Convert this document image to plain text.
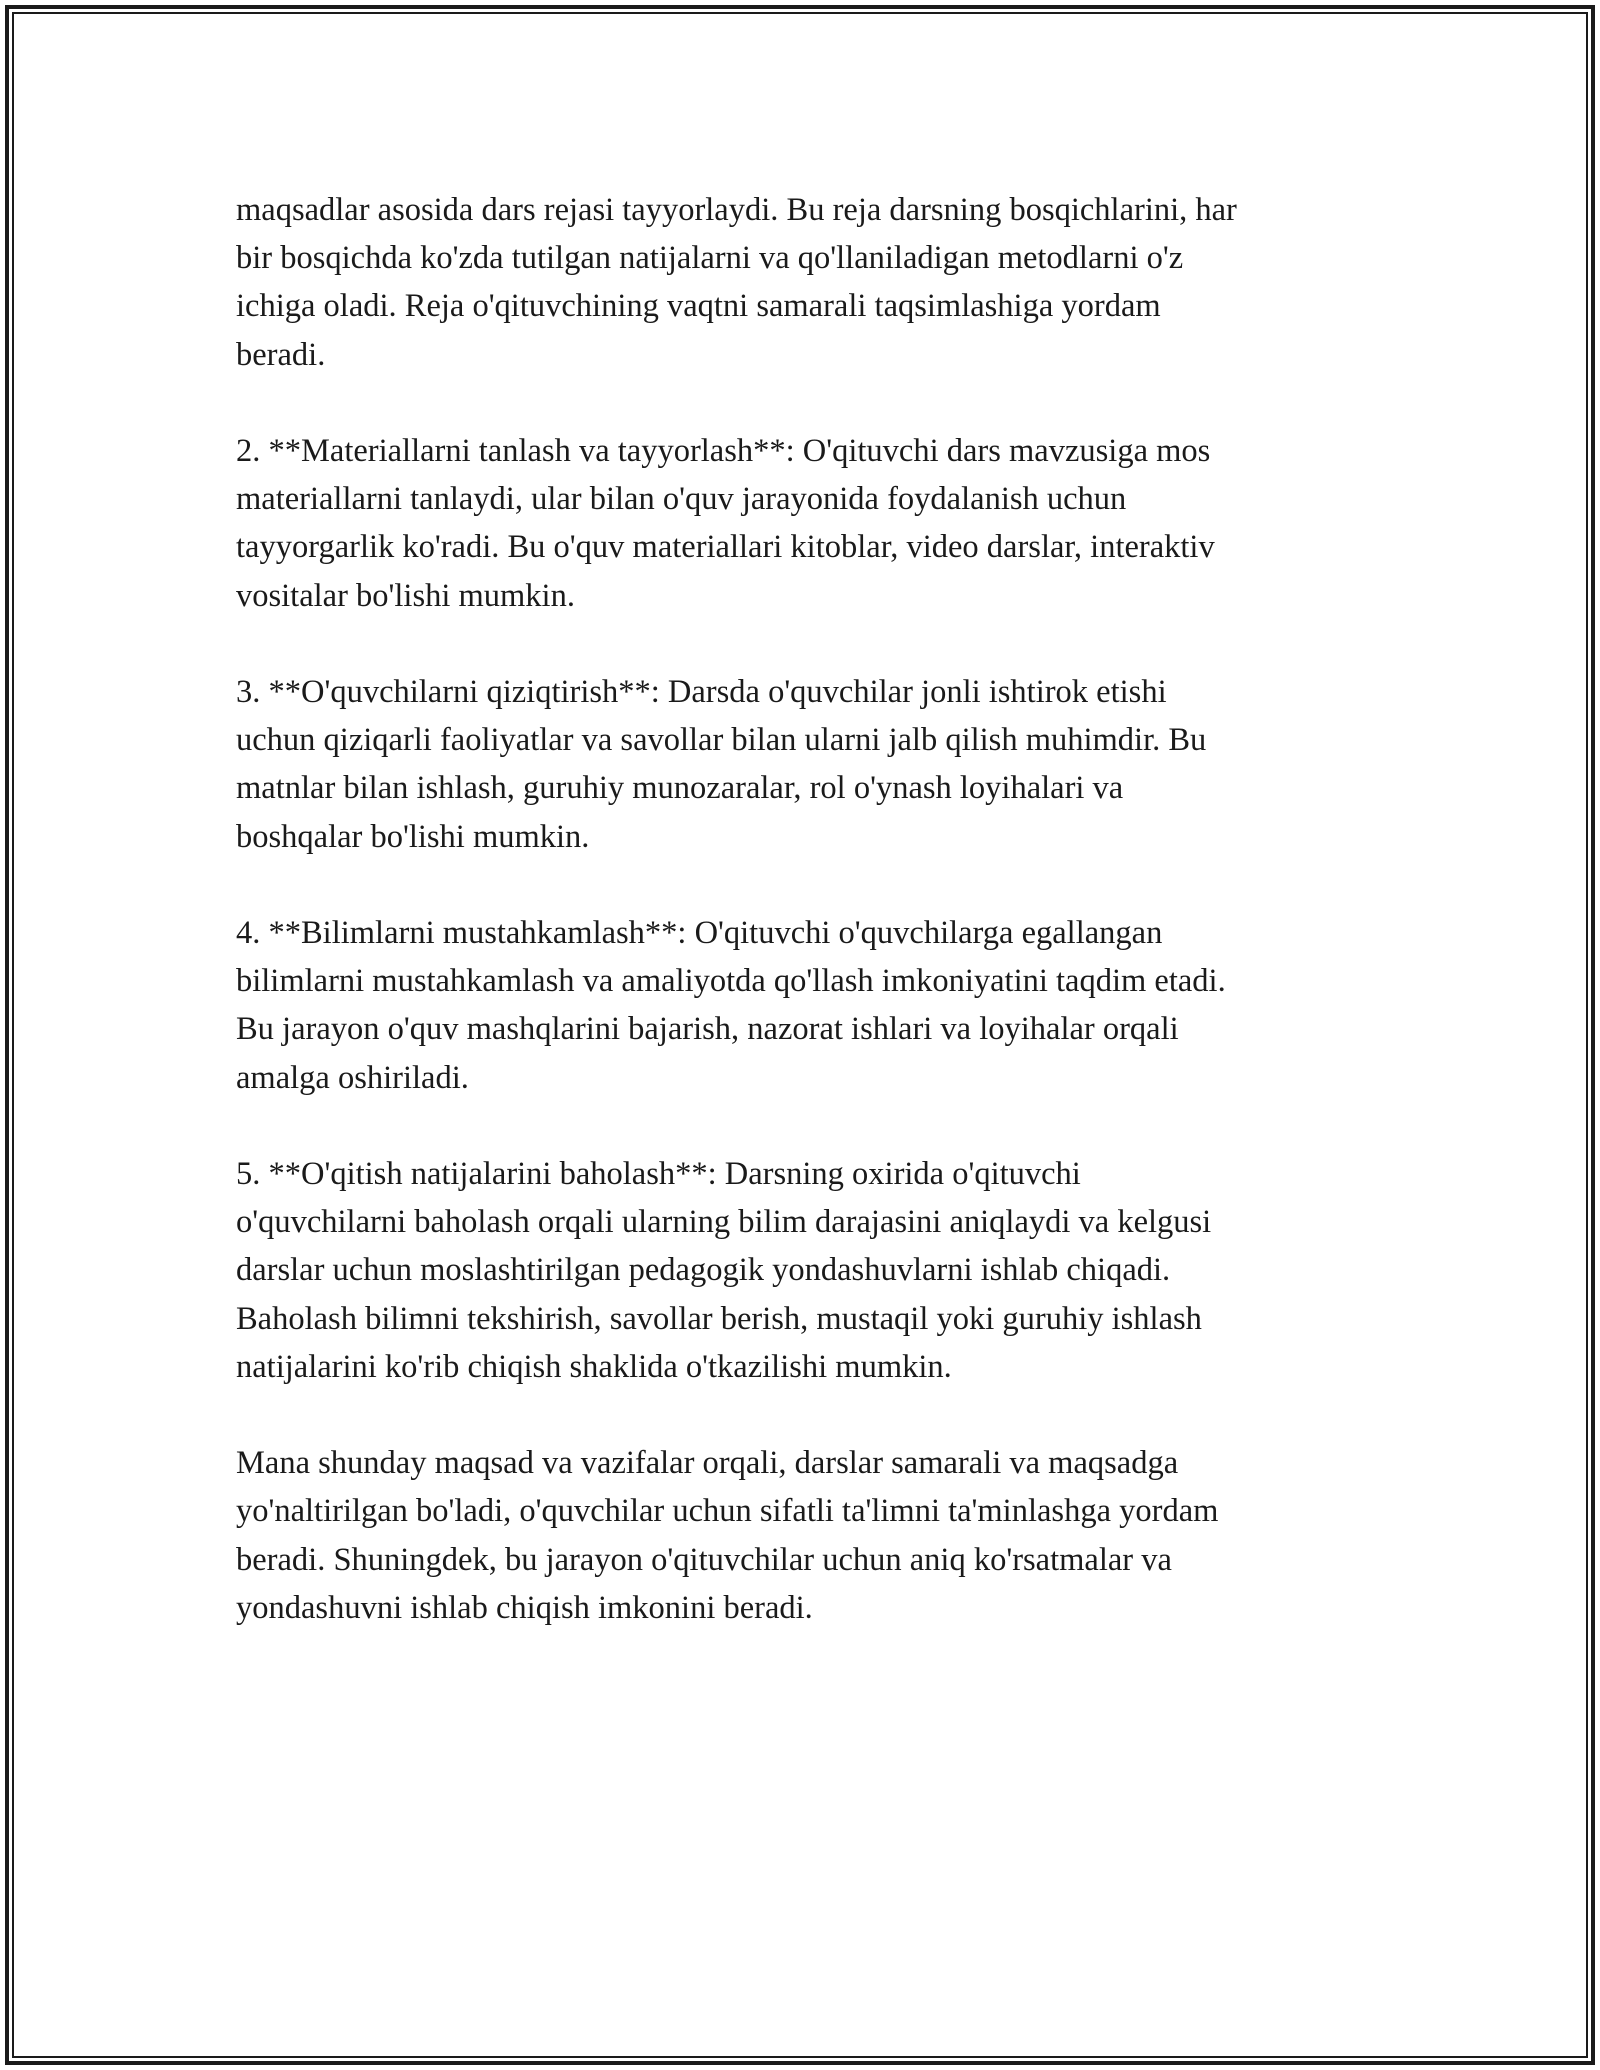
maqsadlar asosida dars rejasi tayyorlaydi. Bu reja darsning bosqichlarini, har
bir bosqichda ko'zda tutilgan natijalarni va qo'llaniladigan metodlarni o'z
ichiga oladi. Reja o'qituvchining vaqtni samarali taqsimlashiga yordam
beradi.

2. **Materiallarni tanlash va tayyorlash**: O'qituvchi dars mavzusiga mos
materiallarni tanlaydi, ular bilan o'quv jarayonida foydalanish uchun
tayyorgarlik ko'radi. Bu o'quv materiallari kitoblar, video darslar, interaktiv
vositalar bo'lishi mumkin.

3. **O'quvchilarni qiziqtirish**: Darsda o'quvchilar jonli ishtirok etishi
uchun qiziqarli faoliyatlar va savollar bilan ularni jalb qilish muhimdir. Bu
matnlar bilan ishlash, guruhiy munozaralar, rol o'ynash loyihalari va
boshqalar bo'lishi mumkin.

4. **Bilimlarni mustahkamlash**: O'qituvchi o'quvchilarga egallangan
bilimlarni mustahkamlash va amaliyotda qo'llash imkoniyatini taqdim etadi.
Bu jarayon o'quv mashqlarini bajarish, nazorat ishlari va loyihalar orqali
amalga oshiriladi.

5. **O'qitish natijalarini baholash**: Darsning oxirida o'qituvchi
o'quvchilarni baholash orqali ularning bilim darajasini aniqlaydi va kelgusi
darslar uchun moslashtirilgan pedagogik yondashuvlarni ishlab chiqadi.
Baholash bilimni tekshirish, savollar berish, mustaqil yoki guruhiy ishlash
natijalarini ko'rib chiqish shaklida o'tkazilishi mumkin.

Mana shunday maqsad va vazifalar orqali, darslar samarali va maqsadga
yo'naltirilgan bo'ladi, o'quvchilar uchun sifatli ta'limni ta'minlashga yordam
beradi. Shuningdek, bu jarayon o'qituvchilar uchun aniq ko'rsatmalar va
yondashuvni ishlab chiqish imkonini beradi.
